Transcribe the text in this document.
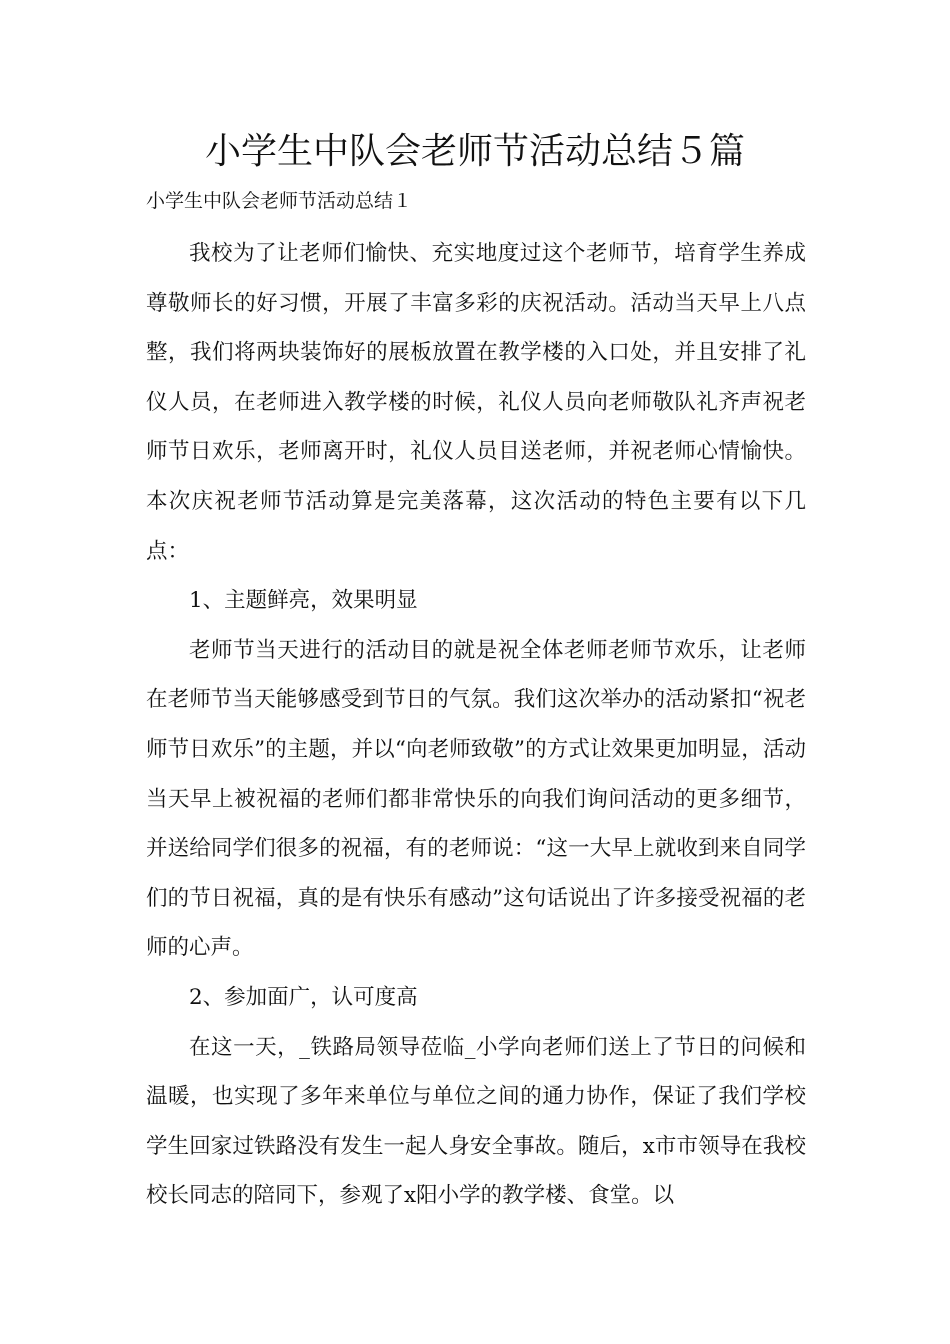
小学生中队会老师节活动总结５篇
小学生中队会老师节活动总结１

我校为了让老师们愉快、充实地度过这个老师节，培育学生养成尊敬师长的好习惯，开展了丰富多彩的庆祝活动。活动当天早上八点整，我们将两块装饰好的展板放置在教学楼的入口处，并且安排了礼仪人员，在老师进入教学楼的时候，礼仪人员向老师敬队礼齐声祝老师节日欢乐，老师离开时，礼仪人员目送老师，并祝老师心情愉快。本次庆祝老师节活动算是完美落幕，这次活动的特色主要有以下几点：

1、主题鲜亮，效果明显

老师节当天进行的活动目的就是祝全体老师老师节欢乐，让老师在老师节当天能够感受到节日的气氛。我们这次举办的活动紧扣“祝老师节日欢乐”的主题，并以“向老师致敬”的方式让效果更加明显，活动当天早上被祝福的老师们都非常快乐的向我们询问活动的更多细节，并送给同学们很多的祝福，有的老师说：“这一大早上就收到来自同学们的节日祝福，真的是有快乐有感动”这句话说出了许多接受祝福的老师的心声。

2、参加面广，认可度高

在这一天，_铁路局领导莅临_小学向老师们送上了节日的问候和温暖，也实现了多年来单位与单位之间的通力协作，保证了我们学校学生回家过铁路没有发生一起人身安全事故。随后，x市市领导在我校校长同志的陪同下，参观了x阳小学的教学楼、食堂。以
